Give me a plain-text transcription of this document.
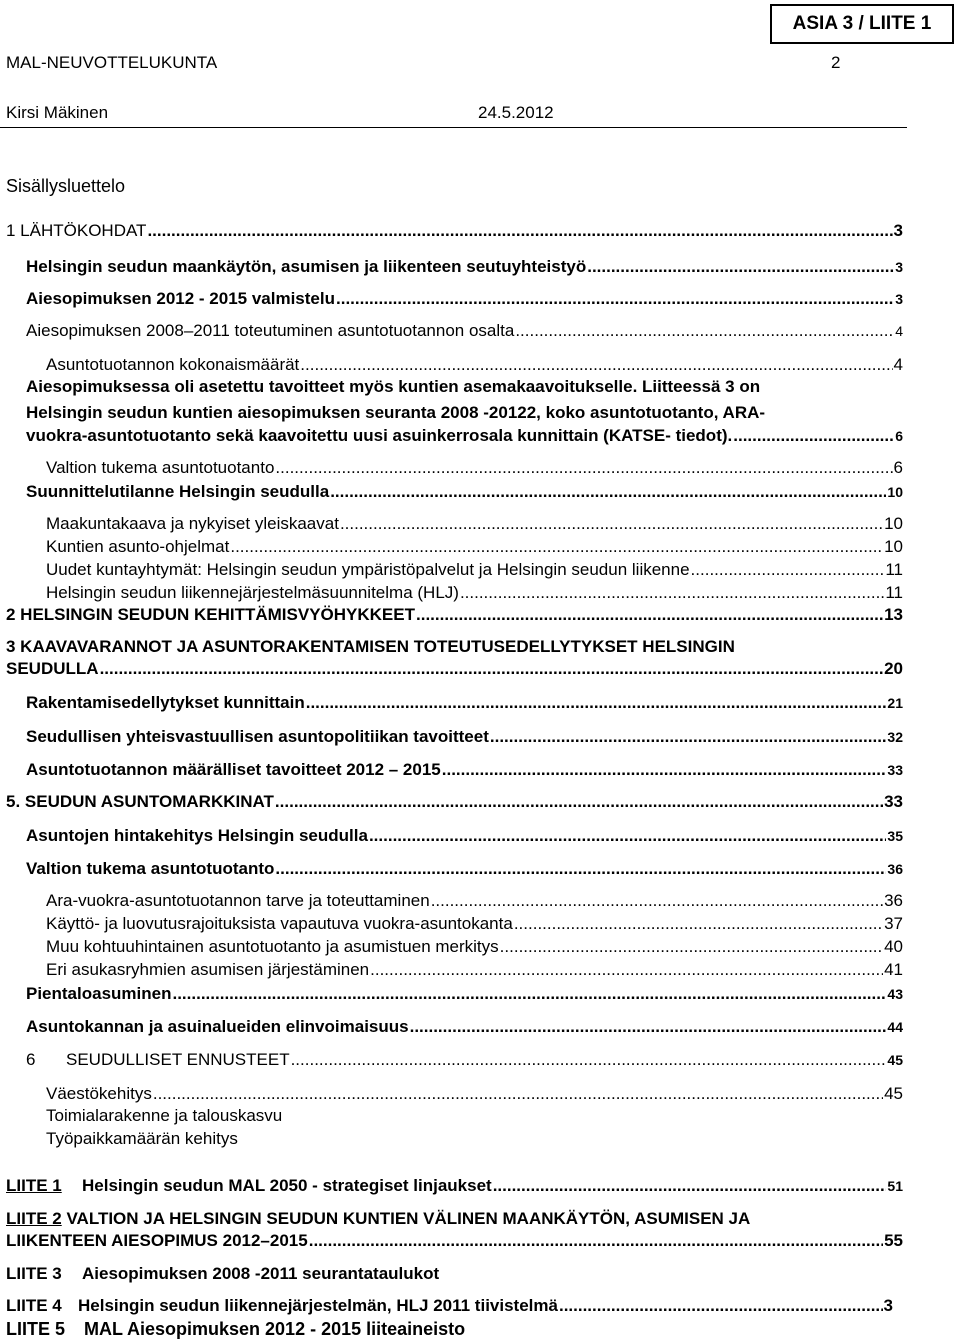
ASIA 3 / LIITE 1
MAL-NEUVOTTELUKUNTA	2
Kirsi Mäkinen	24.5.2012
Sisällysluettelo
1 LÄHTÖKOHDAT .....	3
Helsingin seudun maankäytön, asumisen ja liikenteen seutuyhteistyö .....	3
Aiesopimuksen 2012 - 2015 valmistelu .....	3
Aiesopimuksen 2008–2011 toteutuminen asuntotuotannon osalta .....	4
Asuntotuotannon kokonaismäärät .....	4
Aiesopimuksessa oli asetettu tavoitteet myös kuntien asemakaavoitukselle. Liitteessä 3 on
Helsingin seudun kuntien aiesopimuksen seuranta 2008 -20122, koko asuntotuotanto, ARA-
vuokra-asuntotuotanto sekä kaavoitettu uusi asuinkerrosala kunnittain (KATSE- tiedot). .....	6
Valtion tukema asuntotuotanto .....	6
Suunnittelutilanne Helsingin seudulla .....	10
Maakuntakaava ja nykyiset yleiskaavat .....	10
Kuntien asunto-ohjelmat .....	10
Uudet kuntayhtymät: Helsingin seudun ympäristöpalvelut ja Helsingin seudun liikenne .....	11
Helsingin seudun liikennejärjestelmäsuunnitelma (HLJ) .....	11
2 HELSINGIN SEUDUN KEHITTÄMISVYÖHYKKEET .....	13
3 KAAVAVARANNOT JA ASUNTORAKENTAMISEN TOTEUTUSEDELLYTYKSET HELSINGIN
SEUDULLA .....	20
Rakentamisedellytykset kunnittain .....	21
Seudullisen yhteisvastuullisen asuntopolitiikan tavoitteet .....	32
Asuntotuotannon määrälliset tavoitteet 2012 – 2015 .....	33
5. SEUDUN ASUNTOMARKKINAT .....	33
Asuntojen hintakehitys Helsingin seudulla .....	35
Valtion tukema asuntotuotanto .....	36
Ara-vuokra-asuntotuotannon tarve ja toteuttaminen .....	36
Käyttö- ja luovutusrajoituksista vapautuva vuokra-asuntokanta .....	37
Muu kohtuuhintainen asuntotuotanto ja asumistuen merkitys .....	40
Eri asukasryhmien asumisen järjestäminen .....	41
Pientaloasuminen .....	43
Asuntokannan ja asuinalueiden elinvoimaisuus .....	44
6	SEUDULLISET ENNUSTEET .....	45
Väestökehitys .....	45
Toimialarakenne ja talouskasvu
Työpaikkamäärän kehitys
LIITE 1	Helsingin seudun MAL 2050 - strategiset linjaukset .....	51
LIITE 2 VALTION JA HELSINGIN SEUDUN KUNTIEN VÄLINEN MAANKÄYTÖN, ASUMISEN JA
LIIKENTEEN AIESOPIMUS 2012–2015 .....	55
LIITE 3 Aiesopimuksen 2008 -2011 seurantataulukot
LIITE 4 Helsingin seudun liikennejärjestelmän, HLJ 2011 tiivistelmä .....	3
LIITE 5 MAL Aiesopimuksen 2012 - 2015 liiteaineisto
